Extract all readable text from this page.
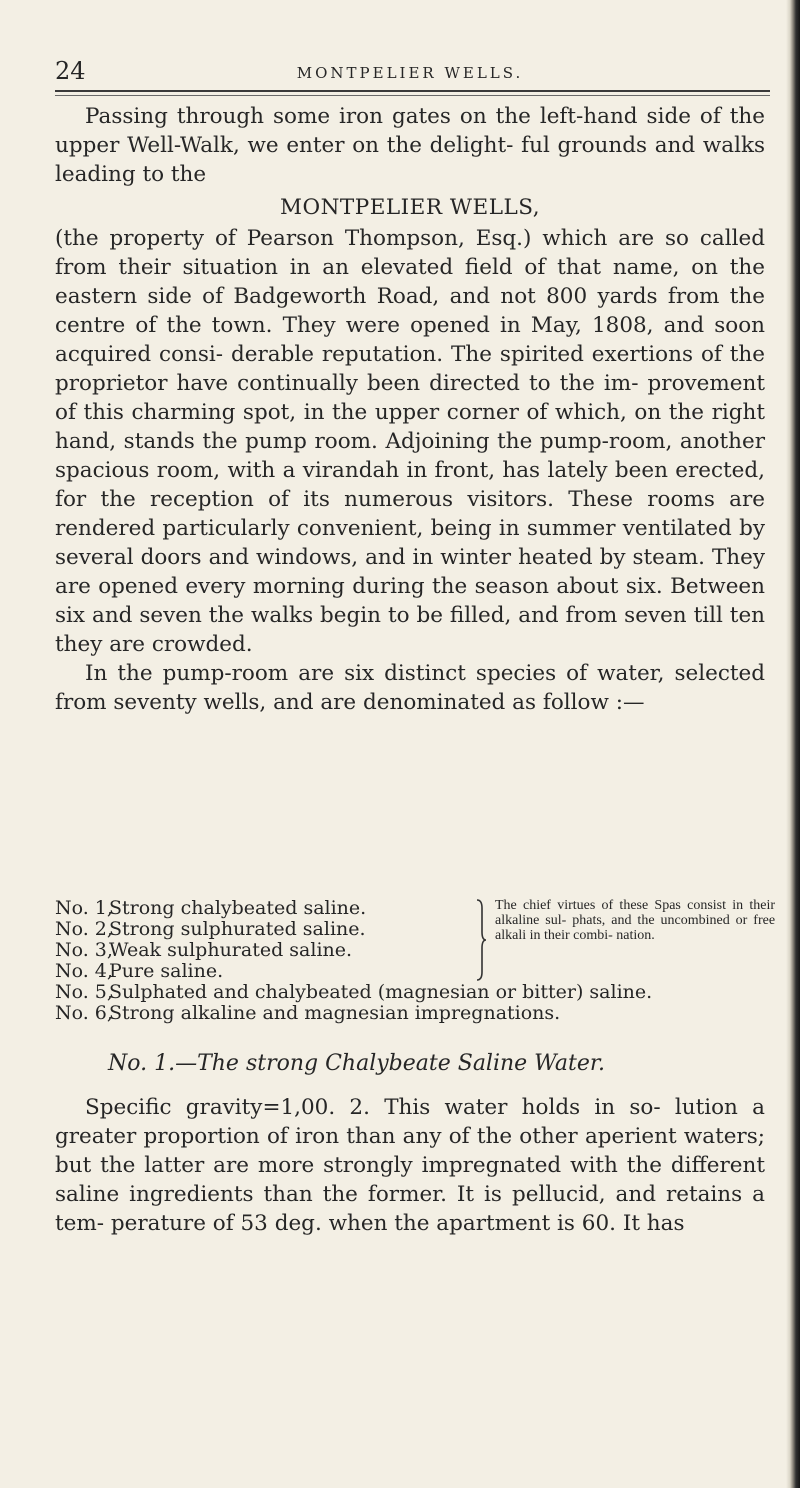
24	MONTPELIER WELLS.

Passing through some iron gates on the left-hand side of the upper Well-Walk, we enter on the delight- ful grounds and walks leading to the

MONTPELIER WELLS,

(the property of Pearson Thompson, Esq.) which are so called from their situation in an elevated field of that name, on the eastern side of Badgeworth Road, and not 800 yards from the centre of the town. They were opened in May, 1808, and soon acquired consi- derable reputation. The spirited exertions of the proprietor have continually been directed to the im- provement of this charming spot, in the upper corner of which, on the right hand, stands the pump room. Adjoining the pump-room, another spacious room, with a virandah in front, has lately been erected, for the reception of its numerous visitors. These rooms are rendered particularly convenient, being in summer ventilated by several doors and windows, and in winter heated by steam. They are opened every morning during the season about six. Between six and seven the walks begin to be filled, and from seven till ten they are crowded.

In the pump-room are six distinct species of water, selected from seventy wells, and are denominated as follow :—

No. 1,Strong chalybeated saline.
No. 2,Strong sulphurated saline.
No. 3,Weak sulphurated saline.
No. 4,Pure saline.
No. 5,Sulphated and chalybeated (magnesian or bitter) saline.
No. 6,Strong alkaline and magnesian impregnations.

The chief virtues of these Spas consist in their alkaline sul- phats, and the uncombined or free alkali in their combi- nation.

No. 1.—The strong Chalybeate Saline Water.

Specific gravity=1,00. 2. This water holds in so- lution a greater proportion of iron than any of the other aperient waters; but the latter are more strongly impregnated with the different saline ingredients than the former. It is pellucid, and retains a tem- perature of 53 deg. when the apartment is 60. It has
